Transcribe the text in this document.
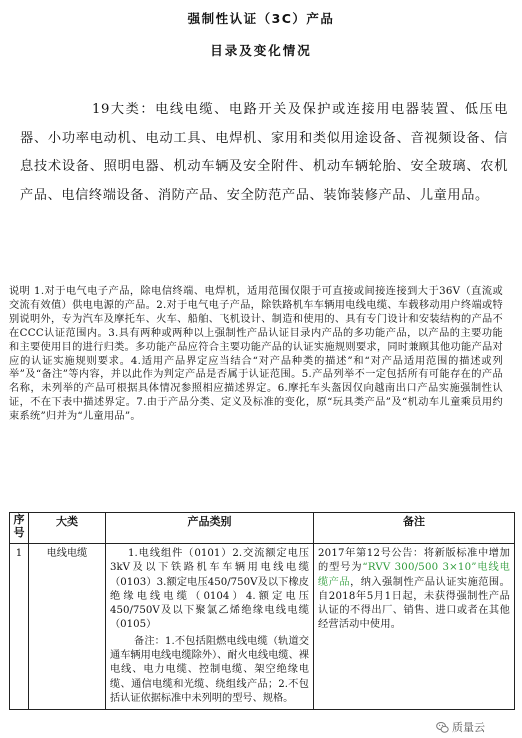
强制性认证（3C）产品
目录及变化情况
19大类：电线电缆、电路开关及保护或连接用电器装置、低压电器、小功率电动机、电动工具、电焊机、家用和类似用途设备、音视频设备、信息技术设备、照明电器、机动车辆及安全附件、机动车辆轮胎、安全玻璃、农机产品、电信终端设备、消防产品、安全防范产品、装饰装修产品、儿童用品。
说明 1.对于电气电子产品，除电信终端、电焊机，适用范围仅限于可直接或间接连接到大于36V（直流或交流有效值）供电电源的产品。2.对于电气电子产品，除铁路机车车辆用电线电缆、车载移动用户终端或特别说明外，专为汽车及摩托车、火车、船舶、飞机设计、制造和使用的、具有专门设计和安装结构的产品不在CCC认证范围内。3.具有两种或两种以上强制性产品认证目录内产品的多功能产品，以产品的主要功能和主要使用目的进行归类。多功能产品应符合主要功能产品的认证实施规则要求，同时兼顾其他功能产品对应的认证实施规则要求。4.适用产品界定应当结合“对产品种类的描述”和“对产品适用范围的描述或列举”及“备注”等内容，并以此作为判定产品是否属于认证范围。5.产品列举不一定包括所有可能存在的产品名称，未列举的产品可根据具体情况参照相应描述界定。6.摩托车头盔因仅向越南出口产品实施强制性认证，不在下表中描述界定。7.由于产品分类、定义及标准的变化，原“玩具类产品”及“机动车儿童乘员用约束系统”归并为“儿童用品”。
序号	大类	产品类别	备注

1	电线电缆	1.电线组件（0101）2.交流额定电压3kV及以下铁路机车车辆用电线电缆（0103）3.额定电压450/750V及以下橡皮绝缘电线电缆（0104）4.额定电压450/750V及以下聚氯乙烯绝缘电线电缆（0105）
备注：1.不包括阻燃电线电缆（轨道交通车辆用电线电缆除外）、耐火电线电缆、裸电线、电力电缆、控制电缆、架空绝缘电缆、通信电缆和光缆、绕组线产品；2.不包括认证依据标准中未列明的型号、规格。	2017年第12号公告：将新版标准中增加的型号为“RVV 300/500 3×10”电线电缆产品，纳入强制性产品认证实施范围。自2018年5月1日起，未获得强制性产品认证的不得出厂、销售、进口或者在其他经营活动中使用。
质量云
